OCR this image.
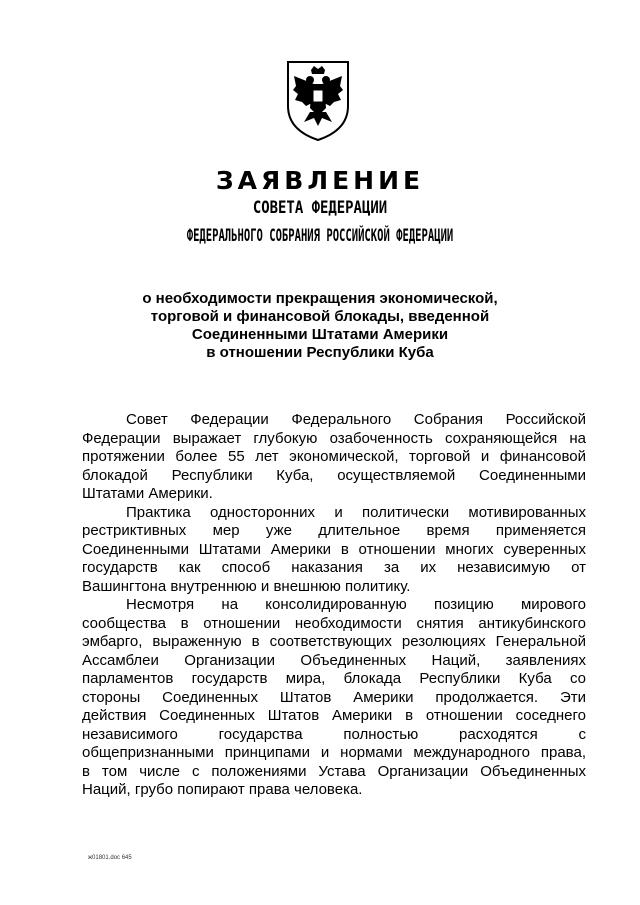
ЗАЯВЛЕНИЕ
СОВЕТА ФЕДЕРАЦИИ
ФЕДЕРАЛЬНОГО СОБРАНИЯ РОССИЙСКОЙ ФЕДЕРАЦИИ
о необходимости прекращения экономической,
торговой и финансовой блокады, введенной
Соединенными Штатами Америки
в отношении Республики Куба
Совет Федерации Федерального Собрания Российской
Федерации выражает глубокую озабоченность сохраняющейся на
протяжении более 55 лет экономической, торговой и финансовой
блокадой Республики Куба, осуществляемой Соединенными
Штатами Америки.
Практика односторонних и политически мотивированных
рестриктивных мер уже длительное время применяется
Соединенными Штатами Америки в отношении многих суверенных
государств как способ наказания за их независимую от
Вашингтона внутреннюю и внешнюю политику.
Несмотря на консолидированную позицию мирового
сообщества в отношении необходимости снятия антикубинского
эмбарго, выраженную в соответствующих резолюциях Генеральной
Ассамблеи Организации Объединенных Наций, заявлениях
парламентов государств мира, блокада Республики Куба со
стороны Соединенных Штатов Америки продолжается. Эти
действия Соединенных Штатов Америки в отношении соседнего
независимого государства полностью расходятся с
общепризнанными принципами и нормами международного права,
в том числе с положениями Устава Организации Объединенных
Наций, грубо попирают права человека.
ж01801.doc 645
